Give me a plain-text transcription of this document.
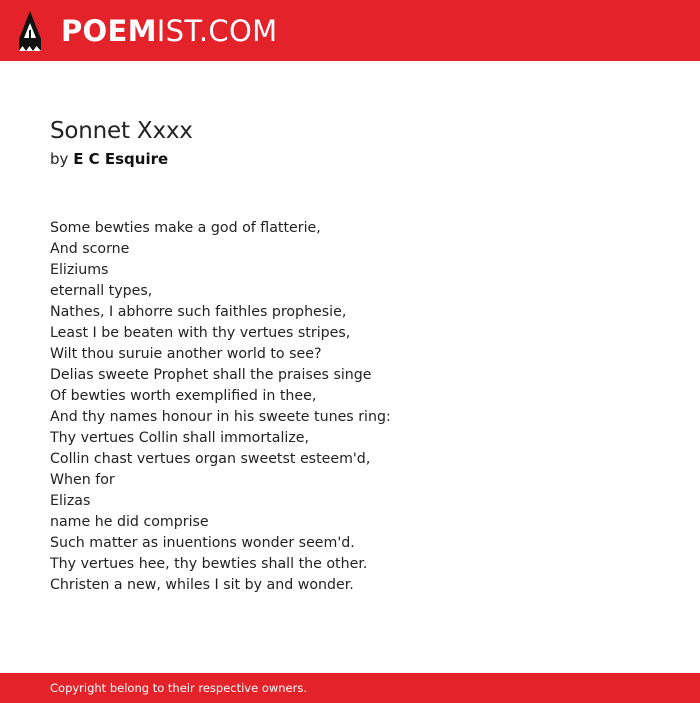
POEMIST.COM
Sonnet Xxxx
by E C Esquire
Some bewties make a god of flatterie,
And scorne
Eliziums
eternall types,
Nathes, I abhorre such faithles prophesie,
Least I be beaten with thy vertues stripes,
Wilt thou suruie another world to see?
Delias sweete Prophet shall the praises singe
Of bewties worth exemplified in thee,
And thy names honour in his sweete tunes ring:
Thy vertues Collin shall immortalize,
Collin chast vertues organ sweetst esteem'd,
When for
Elizas
name he did comprise
Such matter as inuentions wonder seem'd.
Thy vertues hee, thy bewties shall the other.
Christen a new, whiles I sit by and wonder.
Copyright belong to their respective owners.
